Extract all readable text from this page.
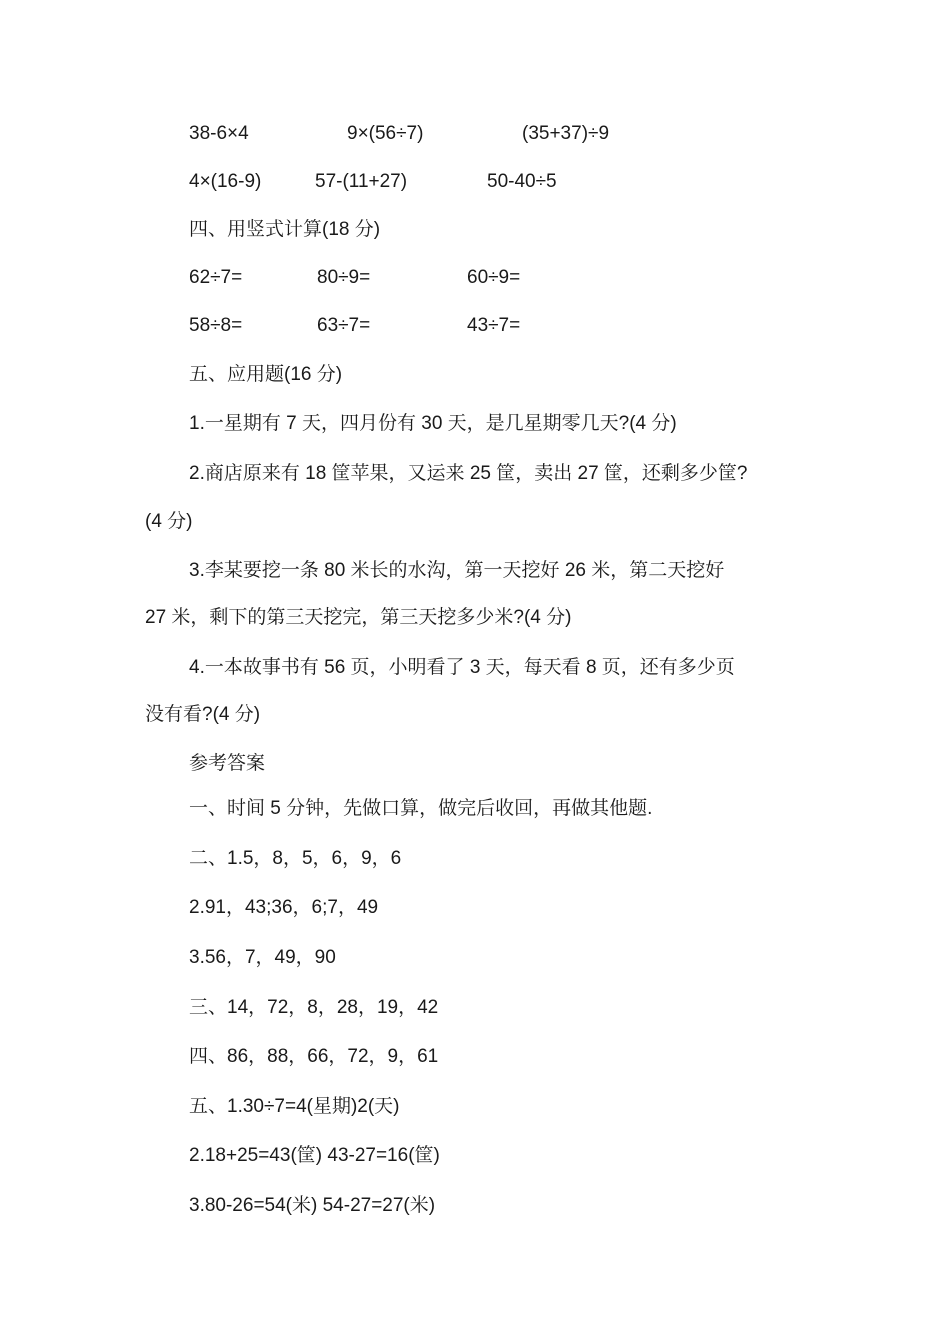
38-6×4	9×(56÷7)	(35+37)÷9
4×(16-9)	57-(11+27)	50-40÷5
四、用竖式计算(18 分)
62÷7=	80÷9=	60÷9=
58÷8=	63÷7=	43÷7=
五、应用题(16 分)
1.一星期有 7 天，四月份有 30 天，是几星期零几天?(4 分)
2.商店原来有 18 筐苹果，又运来 25 筐，卖出 27 筐，还剩多少筐?
(4 分)
3.李某要挖一条 80 米长的水沟，第一天挖好 26 米，第二天挖好
27 米，剩下的第三天挖完，第三天挖多少米?(4 分)
4.一本故事书有 56 页，小明看了 3 天，每天看 8 页，还有多少页
没有看?(4 分)
参考答案
一、时间 5 分钟，先做口算，做完后收回，再做其他题.
二、1.5，8，5，6，9，6
2.91，43;36，6;7，49
3.56，7，49，90
三、14，72，8，28，19，42
四、86，88，66，72，9，61
五、1.30÷7=4(星期)2(天)
2.18+25=43(筐) 43-27=16(筐)
3.80-26=54(米) 54-27=27(米)
